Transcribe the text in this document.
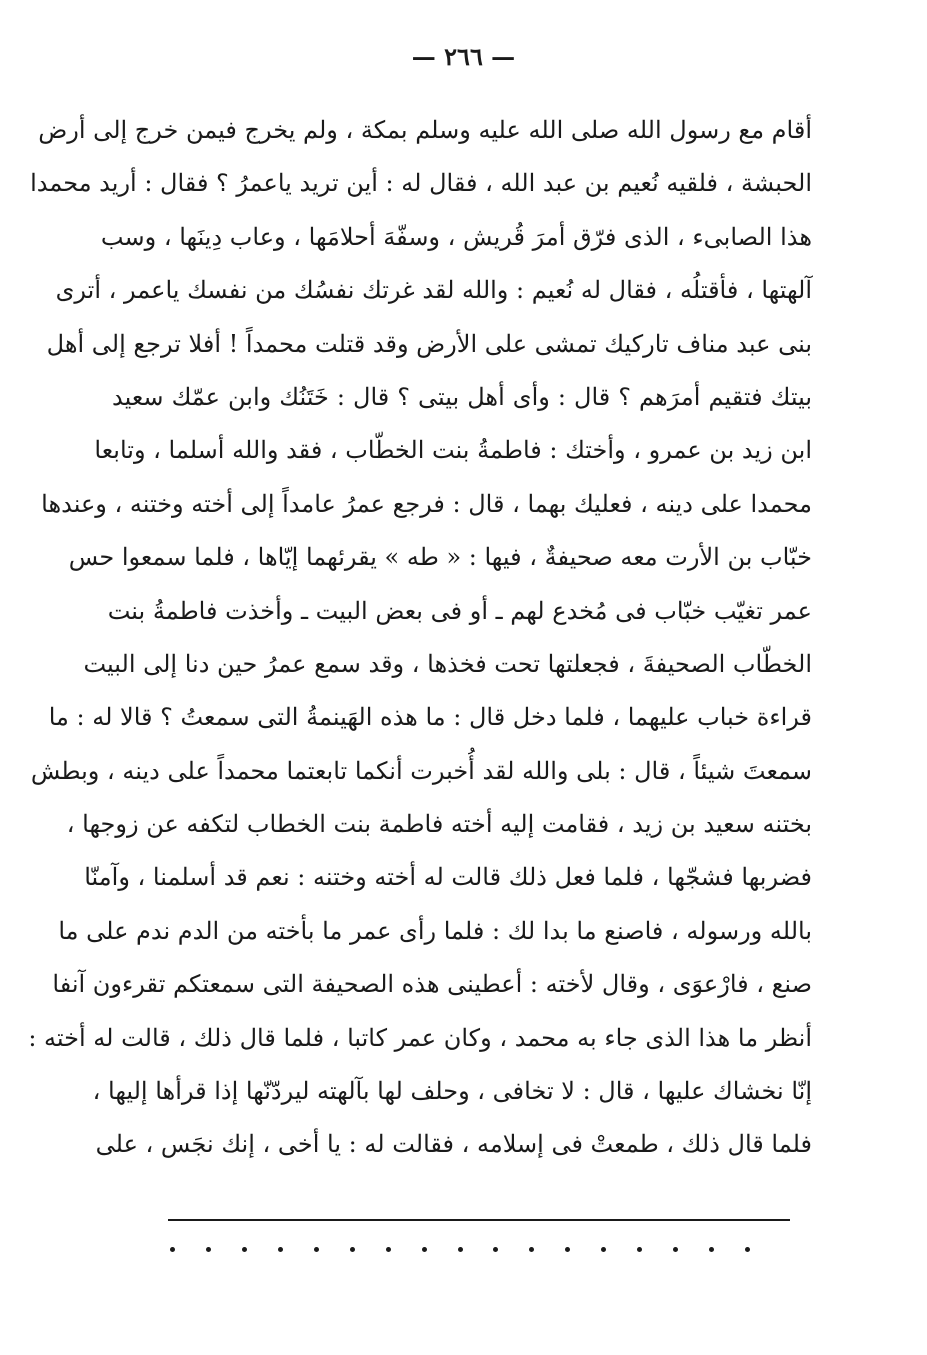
— ٢٦٦ —
أقام مع رسول الله صلى الله عليه وسلم بمكة ، ولم يخرج فيمن خرج إلى أرض
الحبشة ، فلقيه نُعيم بن عبد الله ، فقال له : أين تريد ياعمرُ ؟ فقال : أريد محمدا
هذا الصابىء ، الذى فرّق أمرَ قُريش ، وسفّهَ أحلامَها ، وعاب دِينَها ، وسب
آلهتها ، فأقتلُه ، فقال له نُعيم : والله لقد غرتك نفسُك من نفسك ياعمر ، أترى
بنى عبد مناف تاركيك تمشى على الأرض وقد قتلت محمداً ! أفلا ترجع إلى أهل
بيتك فتقيم أمرَهم ؟ قال : وأى أهل بيتى ؟ قال : خَتَنُك وابن عمّك سعيد
ابن زيد بن عمرو ، وأختك : فاطمةُ بنت الخطّاب ، فقد والله أسلما ، وتابعا
محمدا على دينه ، فعليك بهما ، قال : فرجع عمرُ عامداً إلى أخته وختنه ، وعندها
خبّاب بن الأرت معه صحيفةٌ ، فيها : « طه » يقرئهما إيّاها ، فلما سمعوا حس
عمر تغيّب خبّاب فى مُخدع لهم ـ أو فى بعض البيت ـ وأخذت فاطمةُ بنت
الخطّاب الصحيفةَ ، فجعلتها تحت فخذها ، وقد سمع عمرُ حين دنا إلى البيت
قراءة خباب عليهما ، فلما دخل قال : ما هذه الهَينمةُ التى سمعتُ ؟ قالا له : ما
سمعتَ شيئاً ، قال : بلى والله لقد أُخبرت أنكما تابعتما محمداً على دينه ، وبطش
بختنه سعيد بن زيد ، فقامت إليه أخته فاطمة بنت الخطاب لتكفه عن زوجها ،
فضربها فشجّها ، فلما فعل ذلك قالت له أخته وختنه : نعم قد أسلمنا ، وآمنّا
بالله ورسوله ، فاصنع ما بدا لك : فلما رأى عمر ما بأخته من الدم ندم على ما
صنع ، فارْعوَى ، وقال لأخته : أعطينى هذه الصحيفة التى سمعتكم تقرءون آنفا
أنظر ما هذا الذى جاء به محمد ، وكان عمر كاتبا ، فلما قال ذلك ، قالت له أخته :
إنّا نخشاك عليها ، قال : لا تخافى ، وحلف لها بآلهته ليردّنّها إذا قرأها إليها ،
فلما قال ذلك ، طمعتْ فى إسلامه ، فقالت له : يا أخى ، إنك نجَس ، على
